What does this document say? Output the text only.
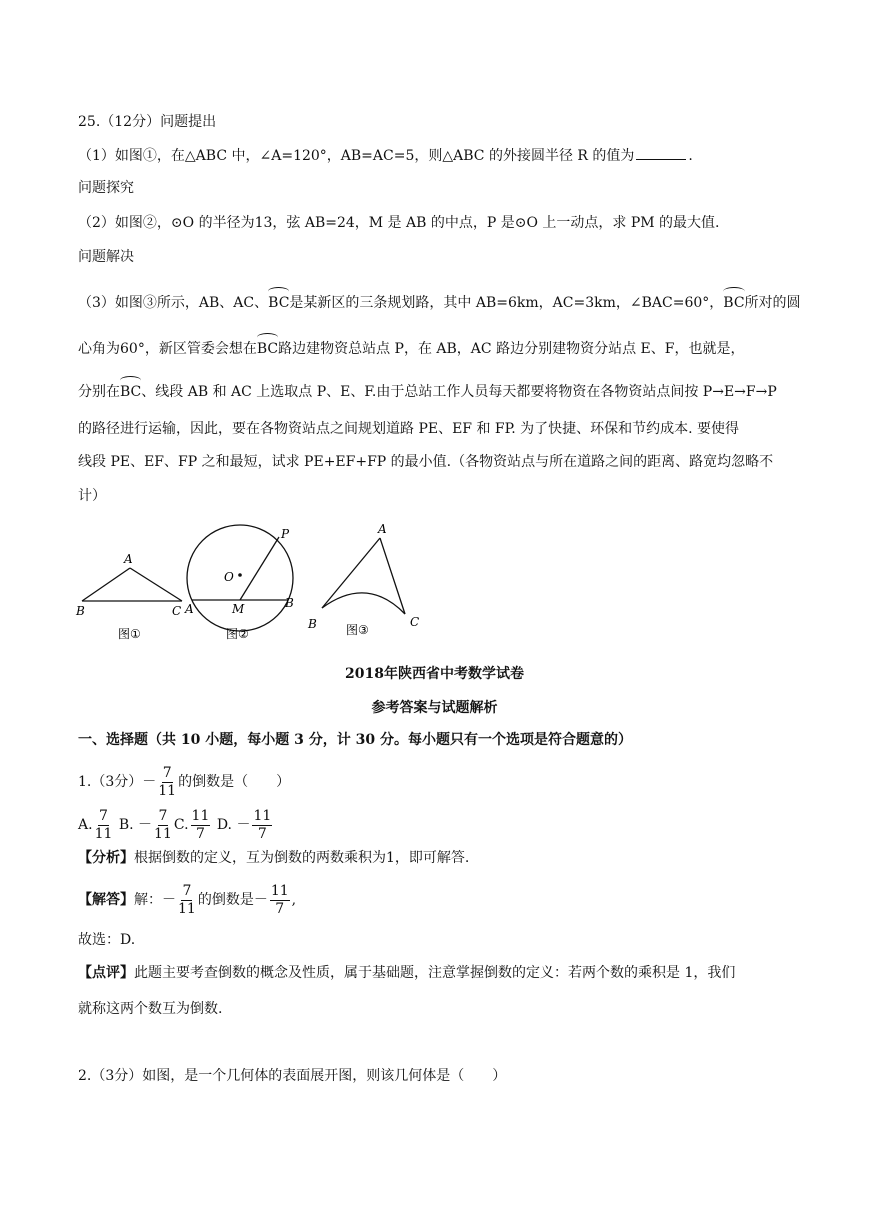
25.（12分）问题提出
（1）如图①，在△ABC 中，∠A=120°，AB=AC=5，则△ABC 的外接圆半径 R 的值为	.
问题探究
（2）如图②，⊙O 的半径为13，弦 AB=24，M 是 AB 的中点，P 是⊙O 上一动点，求 PM 的最大值.
问题解决
（3）如图③所示，AB、AC、BC是某新区的三条规划路，其中 AB=6km，AC=3km，∠BAC=60°，BC所对的圆
心角为60°，新区管委会想在BC路边建物资总站点 P，在 AB，AC 路边分别建物资分站点 E、F，也就是，
分别在BC、线段 AB 和 AC 上选取点 P、E、F.由于总站工作人员每天都要将物资在各物资站点间按 P→E→F→P
的路径进行运输，因此，要在各物资站点之间规划道路 PE、EF 和 FP. 为了快捷、环保和节约成本. 要使得
线段 PE、EF、FP 之和最短，试求 PE+EF+FP 的最小值.（各物资站点与所在道路之间的距离、路宽均忽略不
计）
A
B	C
图①
O
P
A	M	B
图②
A
B	C
图③
2018年陕西省中考数学试卷
参考答案与试题解析
一、选择题（共 10 小题，每小题 3 分，计 30 分。每小题只有一个选项是符合题意的）
1.（3分）－ $\frac{7}{11}$ 的倒数是（　　）
A. $\frac{7}{11} B$. － $\frac{7}{11} C$. $\frac{11}{7} D$. － $\frac{11}{7}$
【分析】根据倒数的定义，互为倒数的两数乘积为1，即可解答.
【解答】解：－ $\frac{7}{11}$ 的倒数是－ $\frac{11}{7}$ ,
故选：D.
【点评】此题主要考查倒数的概念及性质，属于基础题，注意掌握倒数的定义：若两个数的乘积是 1，我们
就称这两个数互为倒数.
2.（3分）如图，是一个几何体的表面展开图，则该几何体是（　　）
